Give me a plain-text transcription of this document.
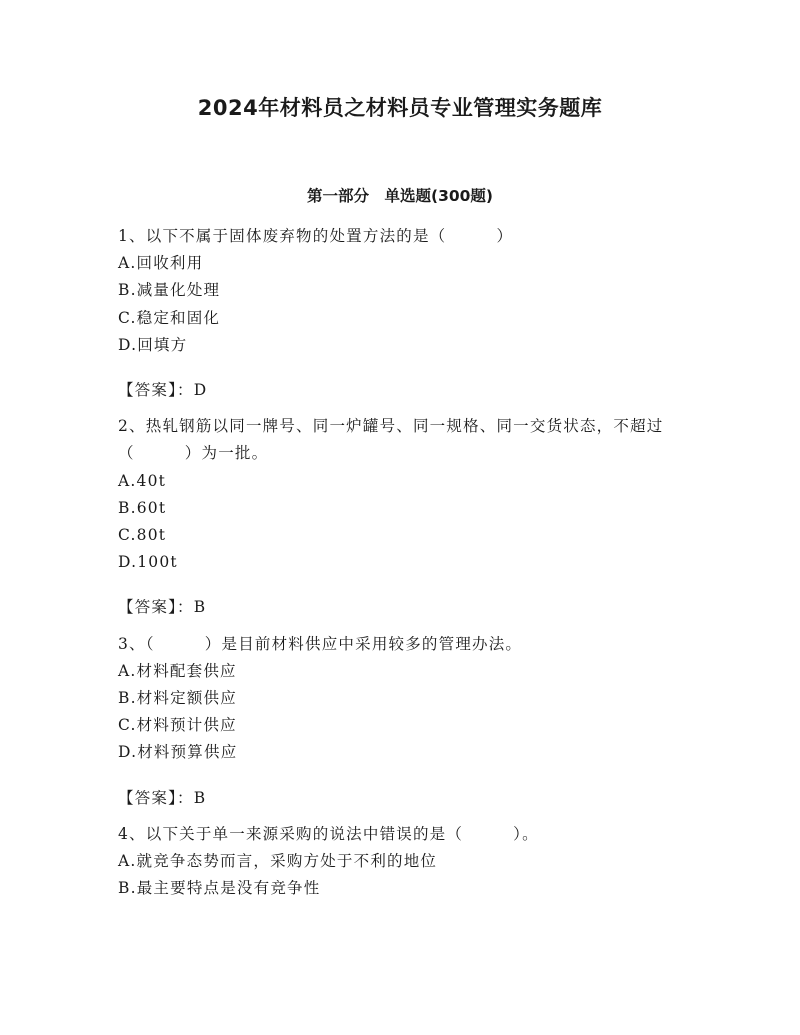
2024年材料员之材料员专业管理实务题库
第一部分　单选题(300题)

1、以下不属于固体废弃物的处置方法的是（　　　）

A.回收利用

B.减量化处理

C.稳定和固化

D.回填方

【答案】：D

2、热轧钢筋以同一牌号、同一炉罐号、同一规格、同一交货状态，不超过（　　　）为一批。

A.40t

B.60t

C.80t

D.100t

【答案】：B

3、（　　　）是目前材料供应中采用较多的管理办法。

A.材料配套供应

B.材料定额供应

C.材料预计供应

D.材料预算供应

【答案】：B

4、以下关于单一来源采购的说法中错误的是（　　　）。

A.就竞争态势而言，采购方处于不利的地位

B.最主要特点是没有竞争性
